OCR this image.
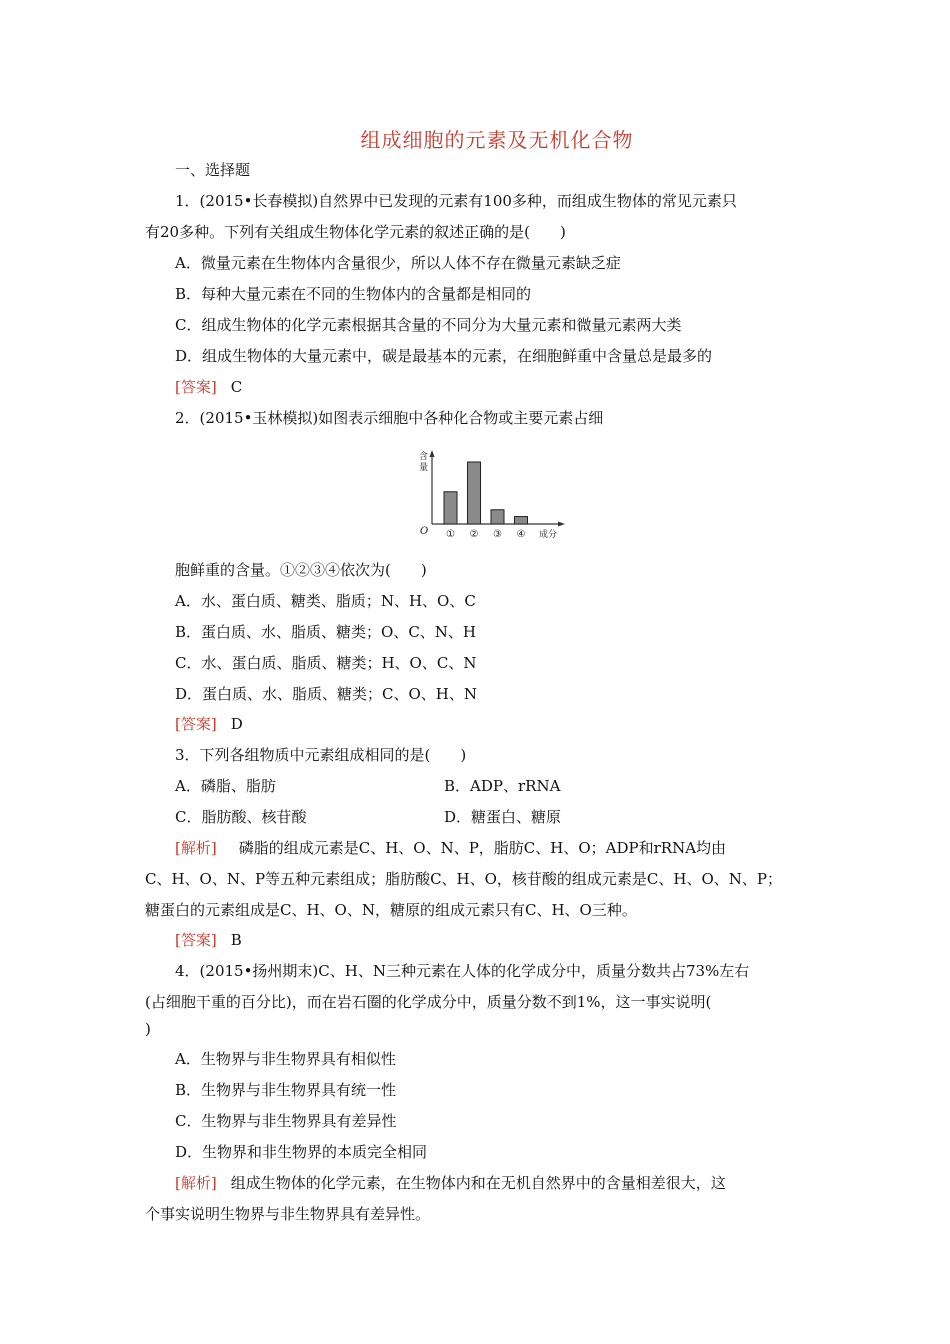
组成细胞的元素及无机化合物
一、选择题
1．(2015•长春模拟)自然界中已发现的元素有100多种，而组成生物体的常见元素只
有20多种。下列有关组成生物体化学元素的叙述正确的是(　　)
A．微量元素在生物体内含量很少，所以人体不存在微量元素缺乏症
B．每种大量元素在不同的生物体内的含量都是相同的
C．组成生物体的化学元素根据其含量的不同分为大量元素和微量元素两大类
D．组成生物体的大量元素中，碳是最基本的元素，在细胞鲜重中含量总是最多的
[答案] C
2．(2015•玉林模拟)如图表示细胞中各种化合物或主要元素占细
含
量
O	成分
① ② ③ ④
胞鲜重的含量。①②③④依次为(　　)
A．水、蛋白质、糖类、脂质；N、H、O、C
B．蛋白质、水、脂质、糖类；O、C、N、H
C．水、蛋白质、脂质、糖类；H、O、C、N
D．蛋白质、水、脂质、糖类；C、O、H、N
[答案] D
3．下列各组物质中元素组成相同的是(　　)
A．磷脂、脂肪	B．ADP、rRNA
C．脂肪酸、核苷酸	D．糖蛋白、糖原
[解析] 磷脂的组成元素是C、H、O、N、P，脂肪C、H、O；ADP和rRNA均由
C、H、O、N、P等五种元素组成；脂肪酸C、H、O，核苷酸的组成元素是C、H、O、N、P；
糖蛋白的元素组成是C、H、O、N，糖原的组成元素只有C、H、O三种。
[答案] B
4．(2015•扬州期末)C、H、N三种元素在人体的化学成分中，质量分数共占73%左右
(占细胞干重的百分比)，而在岩石圈的化学成分中，质量分数不到1%，这一事实说明(
)
A．生物界与非生物界具有相似性
B．生物界与非生物界具有统一性
C．生物界与非生物界具有差异性
D．生物界和非生物界的本质完全相同
[解析] 组成生物体的化学元素，在生物体内和在无机自然界中的含量相差很大，这
个事实说明生物界与非生物界具有差异性。
